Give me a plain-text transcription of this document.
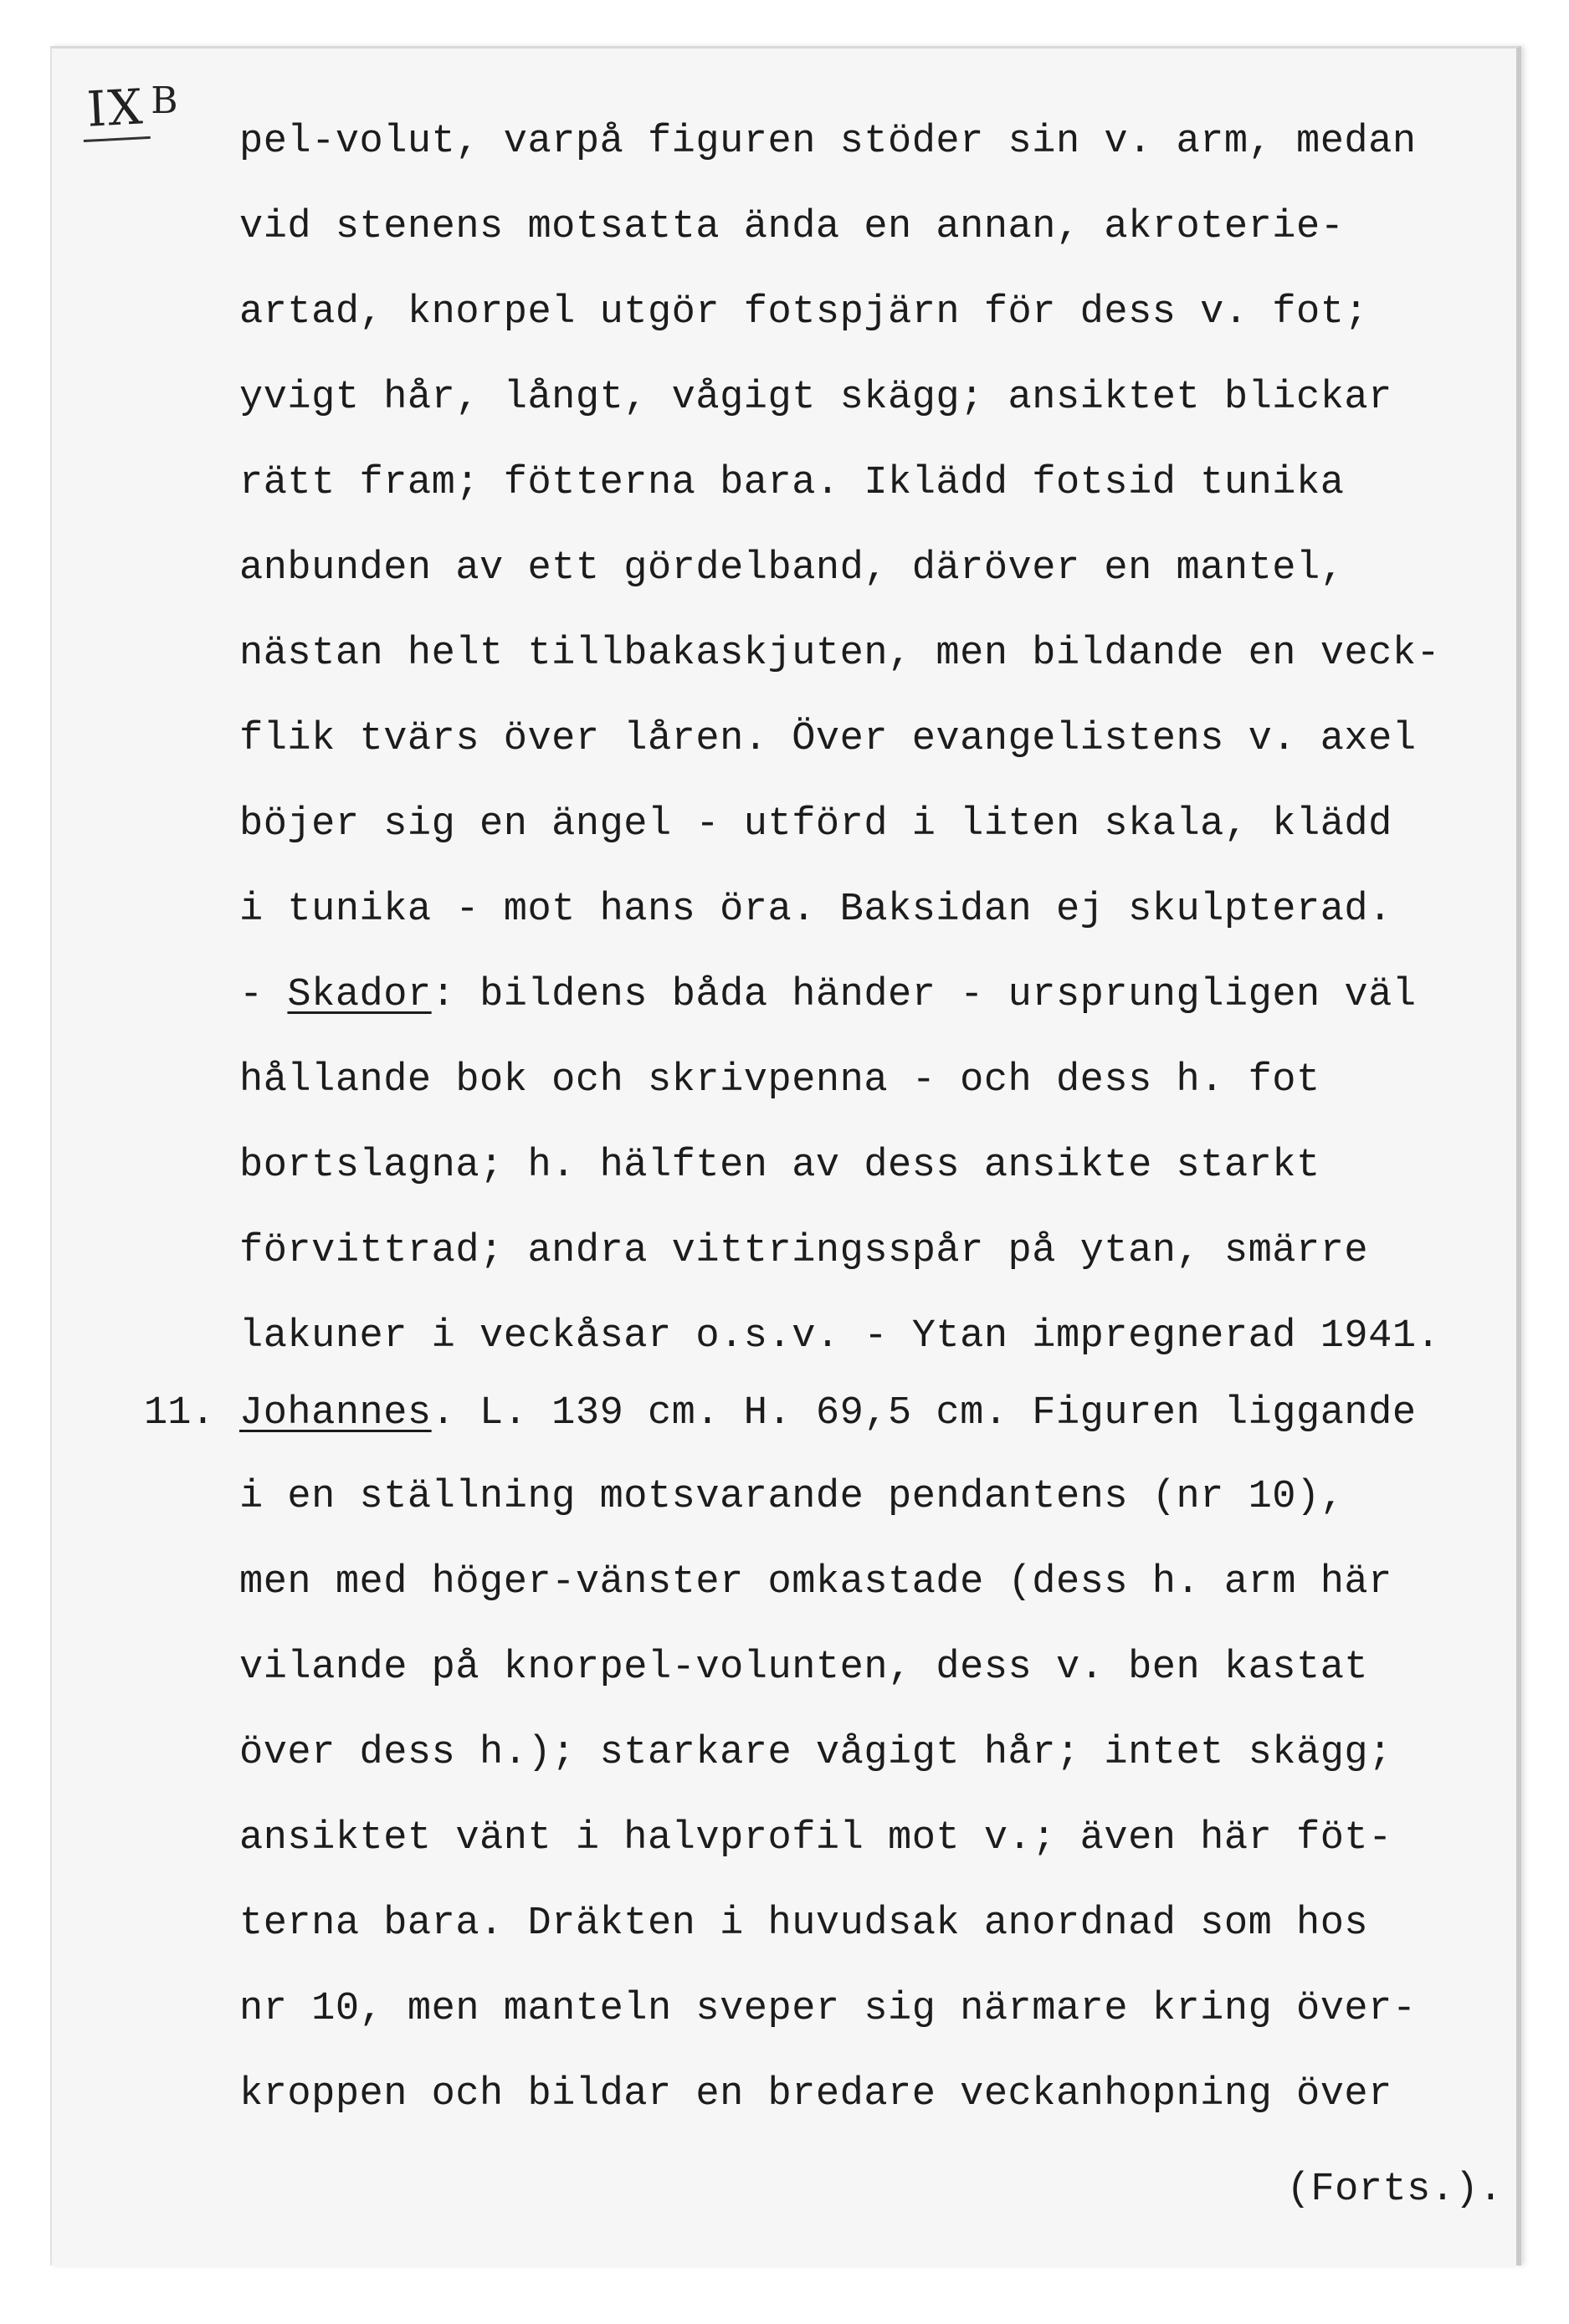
IX $^B$
11.
pel-volut, varpå figuren stöder sin v. arm, medan
vid stenens motsatta ända en annan, akroterie-
artad, knorpel utgör fotspjärn för dess v. fot;
yvigt hår, långt, vågigt skägg; ansiktet blickar
rätt fram; fötterna bara. Iklädd fotsid tunika
anbunden av ett gördelband, däröver en mantel,
nästan helt tillbakaskjuten, men bildande en veck-
flik tvärs över låren. Över evangelistens v. axel
böjer sig en ängel - utförd i liten skala, klädd
i tunika - mot hans öra. Baksidan ej skulpterad.
- Skador: bildens båda händer - ursprungligen väl
hållande bok och skrivpenna - och dess h. fot
bortslagna; h. hälften av dess ansikte starkt
förvittrad; andra vittringsspår på ytan, smärre
lakuner i veckåsar o.s.v. - Ytan impregnerad 1941.
Johannes. L. 139 cm. H. 69,5 cm. Figuren liggande
i en ställning motsvarande pendantens (nr 10),
men med höger-vänster omkastade (dess h. arm här
vilande på knorpel-volunten, dess v. ben kastat
över dess h.); starkare vågigt hår; intet skägg;
ansiktet vänt i halvprofil mot v.; även här föt-
terna bara. Dräkten i huvudsak anordnad som hos
nr 10, men manteln sveper sig närmare kring över-
kroppen och bildar en bredare veckanhopning över
(Forts.).
